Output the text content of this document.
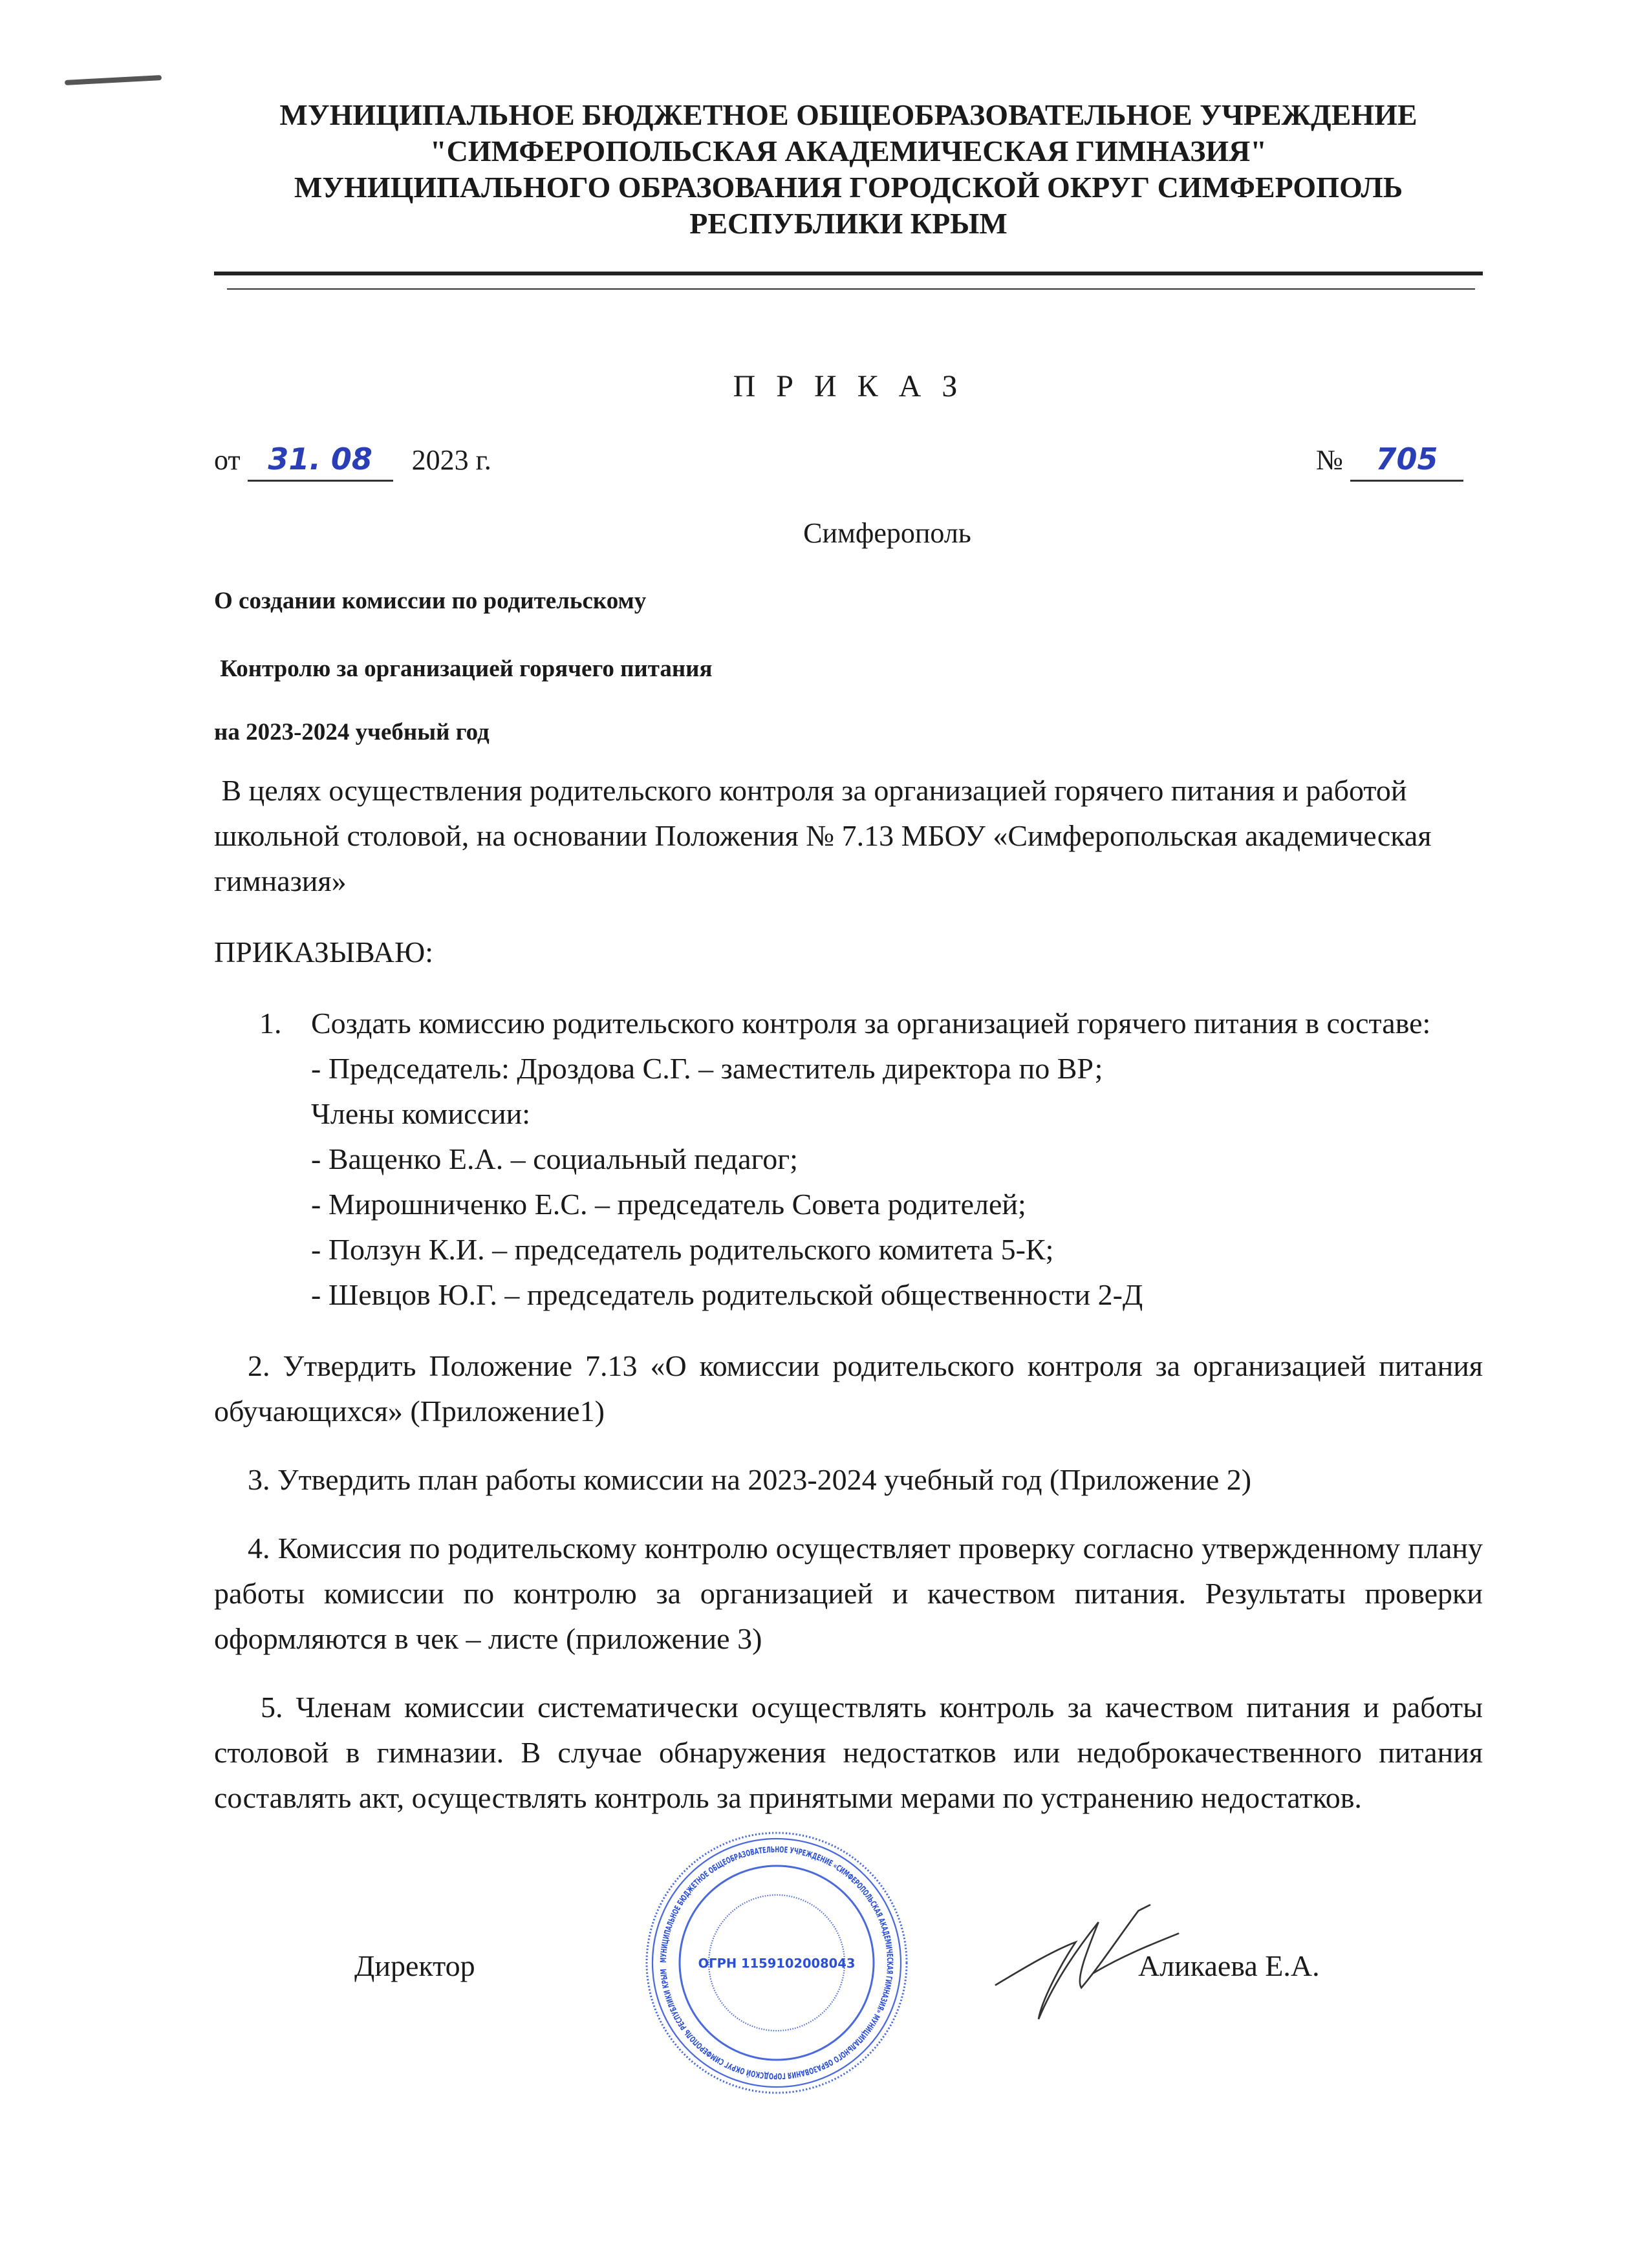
МУНИЦИПАЛЬНОЕ БЮДЖЕТНОЕ ОБЩЕОБРАЗОВАТЕЛЬНОЕ УЧРЕЖДЕНИЕ
"СИМФЕРОПОЛЬСКАЯ АКАДЕМИЧЕСКАЯ ГИМНАЗИЯ"
МУНИЦИПАЛЬНОГО ОБРАЗОВАНИЯ ГОРОДСКОЙ ОКРУГ СИМФЕРОПОЛЬ
РЕСПУБЛИКИ КРЫМ
П Р И К А З
от 31. 08 2023 г.	№ 705
Симферополь
О создании комиссии по родительскому
Контролю за организацией горячего питания
на 2023-2024 учебный год
В целях осуществления родительского контроля за организацией горячего питания и работой школьной столовой, на основании Положения № 7.13 МБОУ «Симферопольская академическая гимназия»
ПРИКАЗЫВАЮ:
1. Создать комиссию родительского контроля за организацией горячего питания в составе:
- Председатель: Дроздова С.Г. – заместитель директора по ВР;
Члены комиссии:
- Ващенко Е.А. – социальный педагог;
- Мирошниченко Е.С. – председатель Совета родителей;
- Ползун К.И. – председатель родительского комитета 5-К;
- Шевцов Ю.Г. – председатель родительской общественности 2-Д
2. Утвердить Положение 7.13 «О комиссии родительского контроля за организацией питания обучающихся» (Приложение1)
3. Утвердить план работы комиссии на 2023-2024 учебный год (Приложение 2)
4. Комиссия по родительскому контролю осуществляет проверку согласно утвержденному плану работы комиссии по контролю за организацией и качеством питания. Результаты проверки оформляются в чек – листе (приложение 3)
5. Членам комиссии систематически осуществлять контроль за качеством питания и работы столовой в гимназии. В случае обнаружения недостатков или недоброкачественного питания составлять акт, осуществлять контроль за принятыми мерами по устранению недостатков.
Директор	МУНИЦИПАЛЬНОЕ БЮДЖЕТНОЕ ОБЩЕОБРАЗОВАТЕЛЬНОЕ УЧРЕЖДЕНИЕ «СИМФЕРОПОЛЬСКАЯ АКАДЕМИЧЕСКАЯ ГИМНАЗИЯ» МУНИЦИПАЛЬНОГО ОБРАЗОВАНИЯ ГОРОДСКОЙ ОКРУГ СИМФЕРОПОЛЬ РЕСПУБЛИКИ КРЫМ	ОГРН 1159102008043	Аликаева Е.А.
